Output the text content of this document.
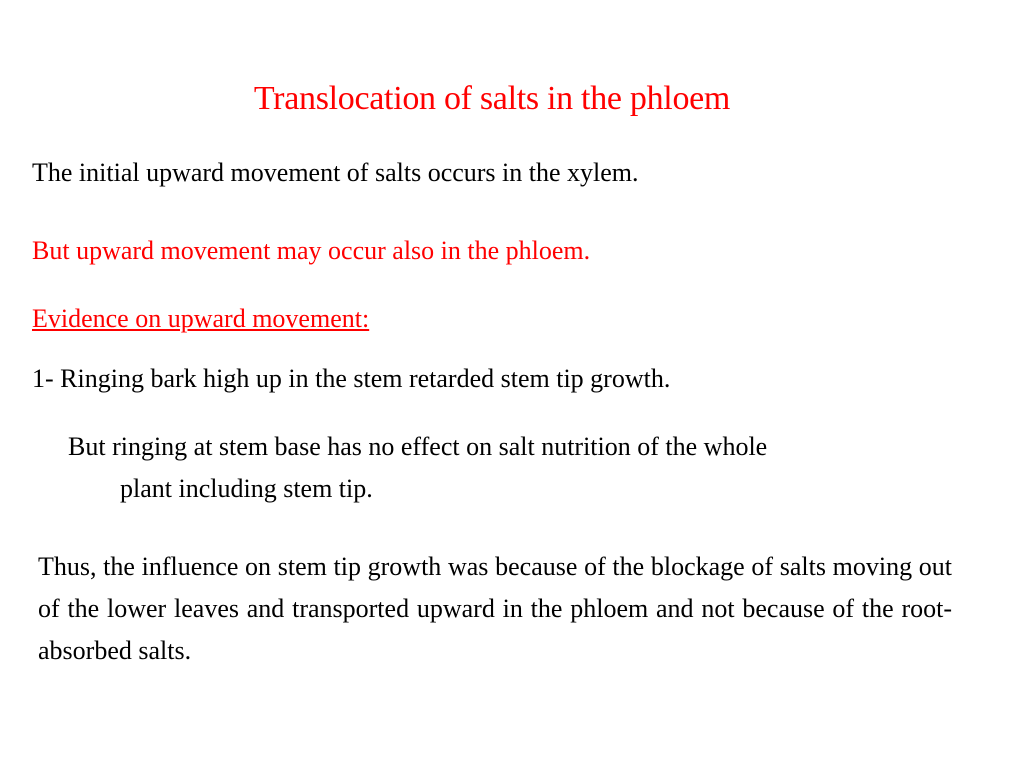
Translocation of salts in the phloem

The initial upward movement of salts occurs in the xylem.

But upward movement may occur also in the phloem.

Evidence on upward movement:

1- Ringing bark high up in the stem retarded stem tip growth.

But ringing at stem base has no effect on salt nutrition of the whole
plant including stem tip.

Thus, the influence on stem tip growth was because of the blockage of salts moving out of the lower leaves and transported upward in the phloem and not because of the root-absorbed salts.
